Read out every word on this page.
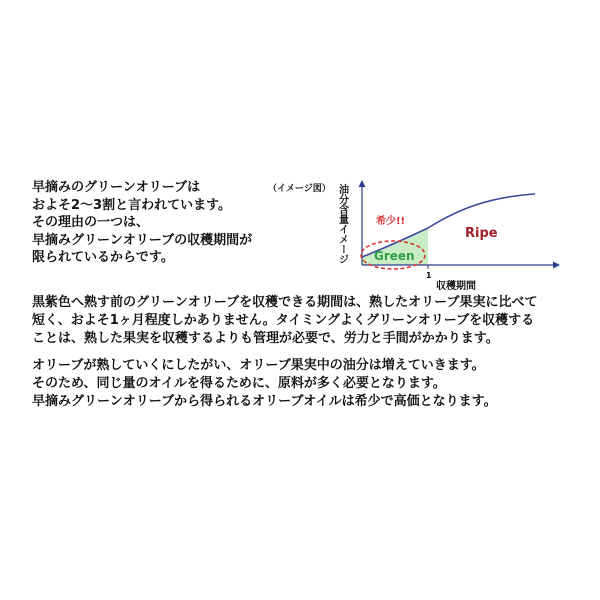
早摘みのグリーンオリーブは
およそ2～3割と言われています。
その理由の一つは、
早摘みグリーンオリーブの収穫期間が
限られているからです。
（イメージ図）
1
収穫期間
油分含量イメージ Green
Ripe
希少!!
黒紫色へ熟す前のグリーンオリーブを収穫できる期間は、熟したオリーブ果実に比べて
短く、およそ1ヶ月程度しかありません。タイミングよくグリーンオリーブを収穫する
ことは、熟した果実を収穫するよりも管理が必要で、労力と手間がかかります。
オリーブが熟していくにしたがい、オリーブ果実中の油分は増えていきます。
そのため、同じ量のオイルを得るために、原料が多く必要となります。
早摘みグリーンオリーブから得られるオリーブオイルは希少で高価となります。
